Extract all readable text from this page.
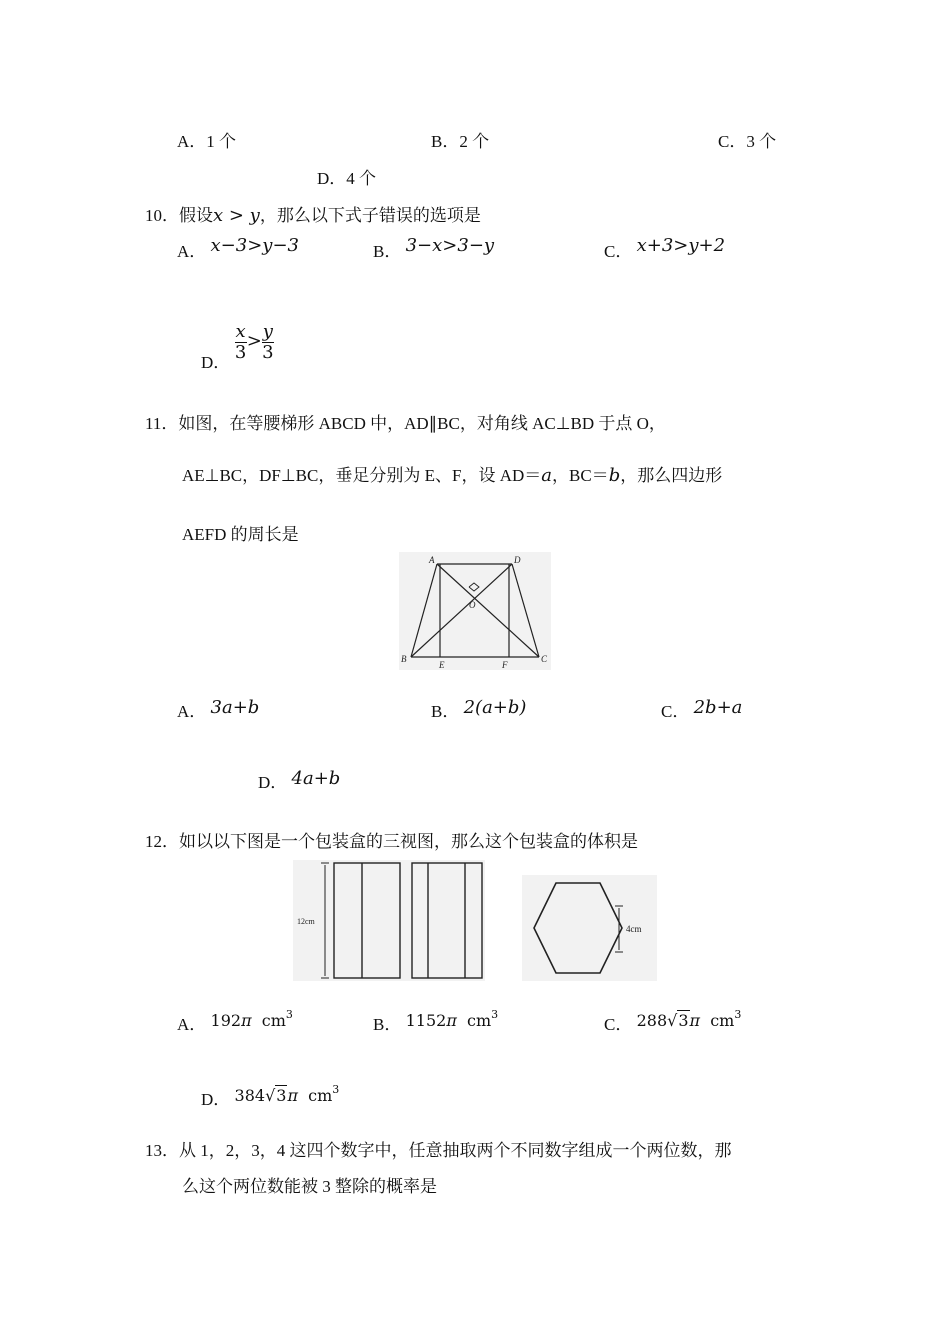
A．1 个	B．2 个	C．3 个
D．4 个
10．假设x > y，那么以下式子错误的选项是
A． x−3>y−3	B． 3−x>3−y	C． x+3>y+2
D． $\frac{x}{3} > \frac{y}{3}$
11．如图，在等腰梯形 ABCD 中，AD∥BC，对角线 AC⊥BD 于点 O，
AE⊥BC，DF⊥BC，垂足分别为 E、F，设 AD＝a，BC＝b，那么四边形
AEFD 的周长是
A	D
O
B
E	F
C
A． 3a+b	B． 2(a+b)	C． 2b+a
D． 4a+b
12．如以以下图是一个包装盒的三视图，那么这个包装盒的体积是
12cm
4cm
A． 192π $cm^3$
B． 1152π $cm^3$
C． 288√3π $cm^3$
D． 384√3π $cm^3$
13．从 1，2，3，4 这四个数字中，任意抽取两个不同数字组成一个两位数，那
么这个两位数能被 3 整除的概率是
